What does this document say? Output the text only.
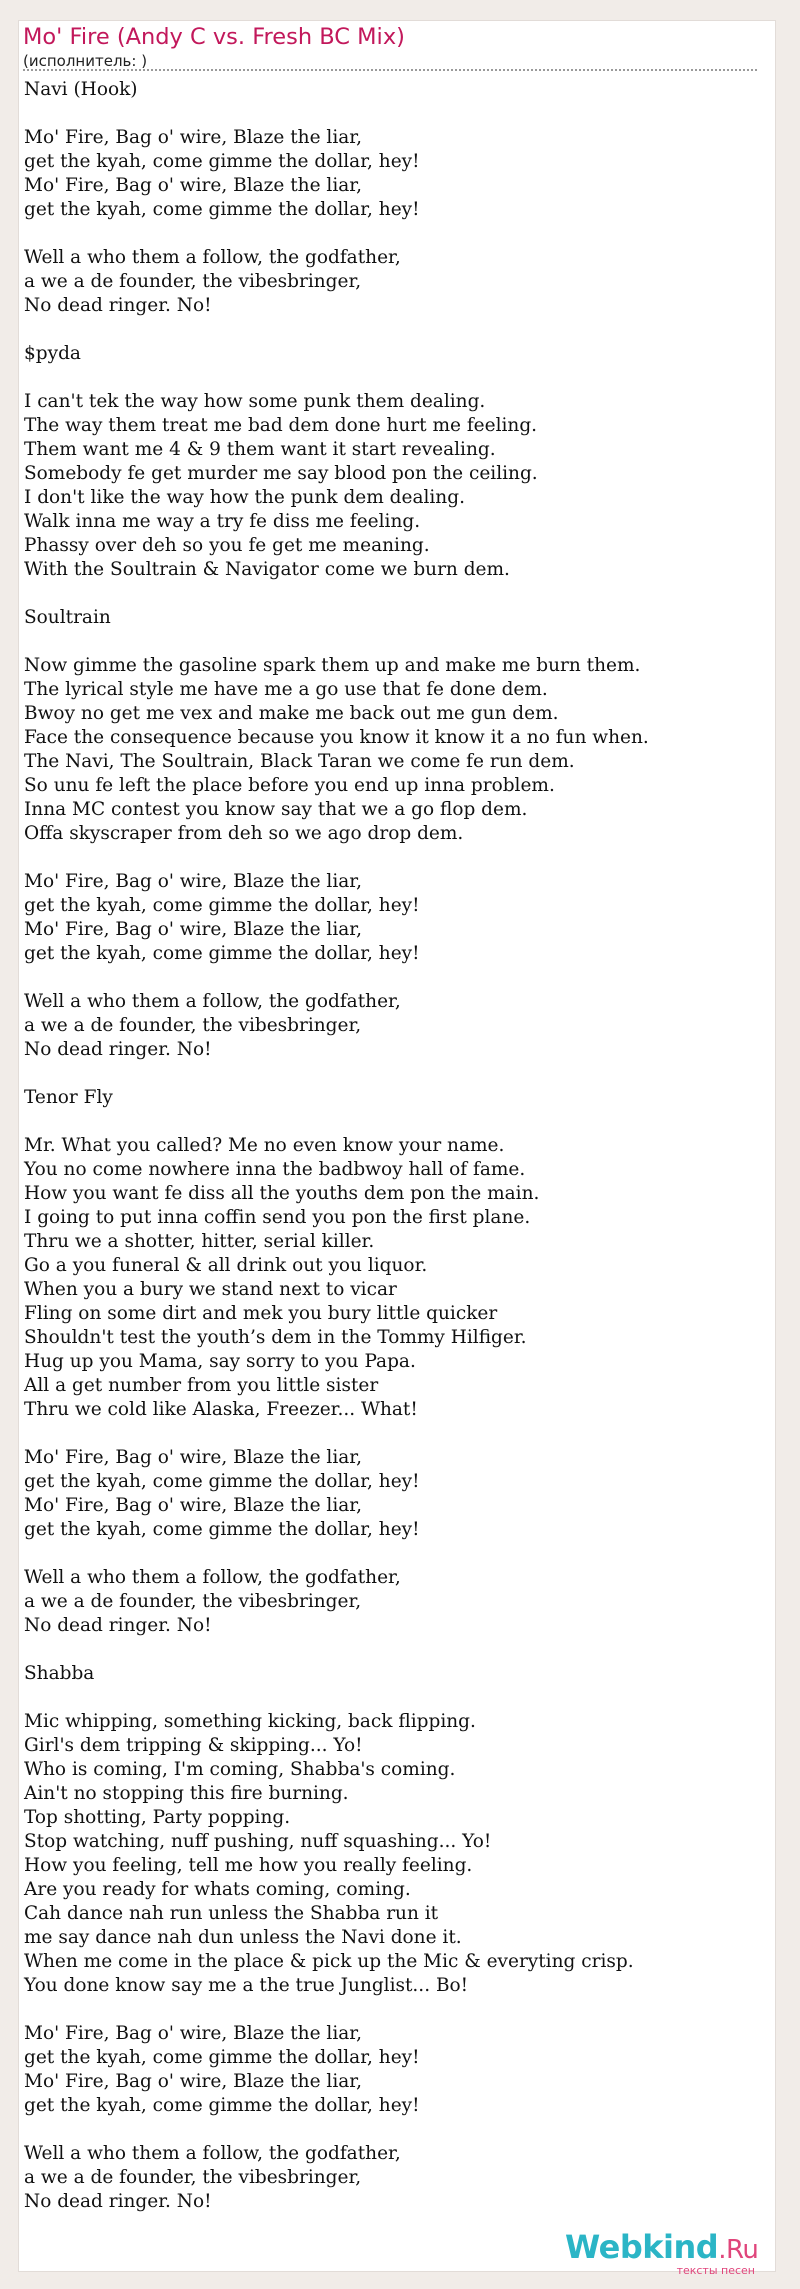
Mo' Fire (Andy C vs. Fresh BC Mix)
(исполнитель: )
Navi (Hook)
Mo' Fire, Bag o' wire, Blaze the liar,
get the kyah, come gimme the dollar, hey!
Mo' Fire, Bag o' wire, Blaze the liar,
get the kyah, come gimme the dollar, hey!
Well a who them a follow, the godfather,
a we a de founder, the vibesbringer,
No dead ringer. No!
$pyda
I can't tek the way how some punk them dealing.
The way them treat me bad dem done hurt me feeling.
Them want me 4 & 9 them want it start revealing.
Somebody fe get murder me say blood pon the ceiling.
I don't like the way how the punk dem dealing.
Walk inna me way a try fe diss me feeling.
Phassy over deh so you fe get me meaning.
With the Soultrain & Navigator come we burn dem.
Soultrain
Now gimme the gasoline spark them up and make me burn them.
The lyrical style me have me a go use that fe done dem.
Bwoy no get me vex and make me back out me gun dem.
Face the consequence because you know it know it a no fun when.
The Navi, The Soultrain, Black Taran we come fe run dem.
So unu fe left the place before you end up inna problem.
Inna MC contest you know say that we a go flop dem.
Offa skyscraper from deh so we ago drop dem.
Mo' Fire, Bag o' wire, Blaze the liar,
get the kyah, come gimme the dollar, hey!
Mo' Fire, Bag o' wire, Blaze the liar,
get the kyah, come gimme the dollar, hey!
Well a who them a follow, the godfather,
a we a de founder, the vibesbringer,
No dead ringer. No!
Tenor Fly
Mr. What you called? Me no even know your name.
You no come nowhere inna the badbwoy hall of fame.
How you want fe diss all the youths dem pon the main.
I going to put inna coffin send you pon the first plane.
Thru we a shotter, hitter, serial killer.
Go a you funeral & all drink out you liquor.
When you a bury we stand next to vicar
Fling on some dirt and mek you bury little quicker
Shouldn't test the youth’s dem in the Tommy Hilfiger.
Hug up you Mama, say sorry to you Papa.
All a get number from you little sister
Thru we cold like Alaska, Freezer... What!
Mo' Fire, Bag o' wire, Blaze the liar,
get the kyah, come gimme the dollar, hey!
Mo' Fire, Bag o' wire, Blaze the liar,
get the kyah, come gimme the dollar, hey!
Well a who them a follow, the godfather,
a we a de founder, the vibesbringer,
No dead ringer. No!
Shabba
Mic whipping, something kicking, back flipping.
Girl's dem tripping & skipping... Yo!
Who is coming, I'm coming, Shabba's coming.
Ain't no stopping this fire burning.
Top shotting, Party popping.
Stop watching, nuff pushing, nuff squashing... Yo!
How you feeling, tell me how you really feeling.
Are you ready for whats coming, coming.
Cah dance nah run unless the Shabba run it
me say dance nah dun unless the Navi done it.
When me come in the place & pick up the Mic & everyting crisp.
You done know say me a the true Junglist... Bo!
Mo' Fire, Bag o' wire, Blaze the liar,
get the kyah, come gimme the dollar, hey!
Mo' Fire, Bag o' wire, Blaze the liar,
get the kyah, come gimme the dollar, hey!
Well a who them a follow, the godfather,
a we a de founder, the vibesbringer,
No dead ringer. No!
Webkind.Ru
тексты песен
